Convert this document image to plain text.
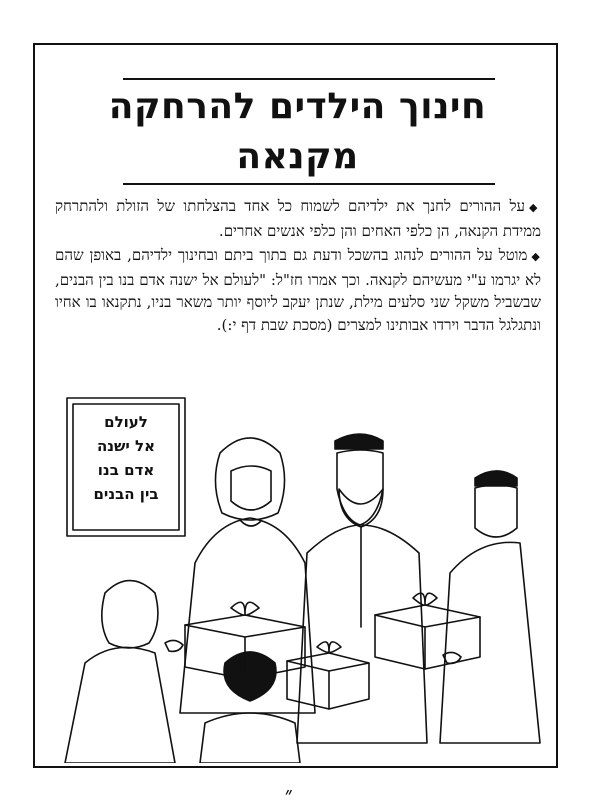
חינוך הילדים להרחקה
מקנאה

◆על ההורים לחנך את ילדיהם לשמוח כל אחד בהצלחתו של הזולת ולהתרחק ממידת הקנאה, הן כלפי האחים והן כלפי אנשים אחרים.

◆מוטל על ההורים לנהוג בהשכל ודעת גם בתוך ביתם ובחינוך ילדיהם, באופן שהם לא יגרמו ע"י מעשיהם לקנאה. וכך אמרו חז"ל: "לעולם אל ישנה אדם בנו בין הבנים, שבשביל משקל שני סלעים מילת, שנתן יעקב ליוסף יותר משאר בניו, נתקנאו בו אחיו ונתגלגל הדבר וירדו אבותינו למצרים (מסכת שבת דף י:).

לעולם
אל ישנה
אדם בנו
בין הבנים
״
